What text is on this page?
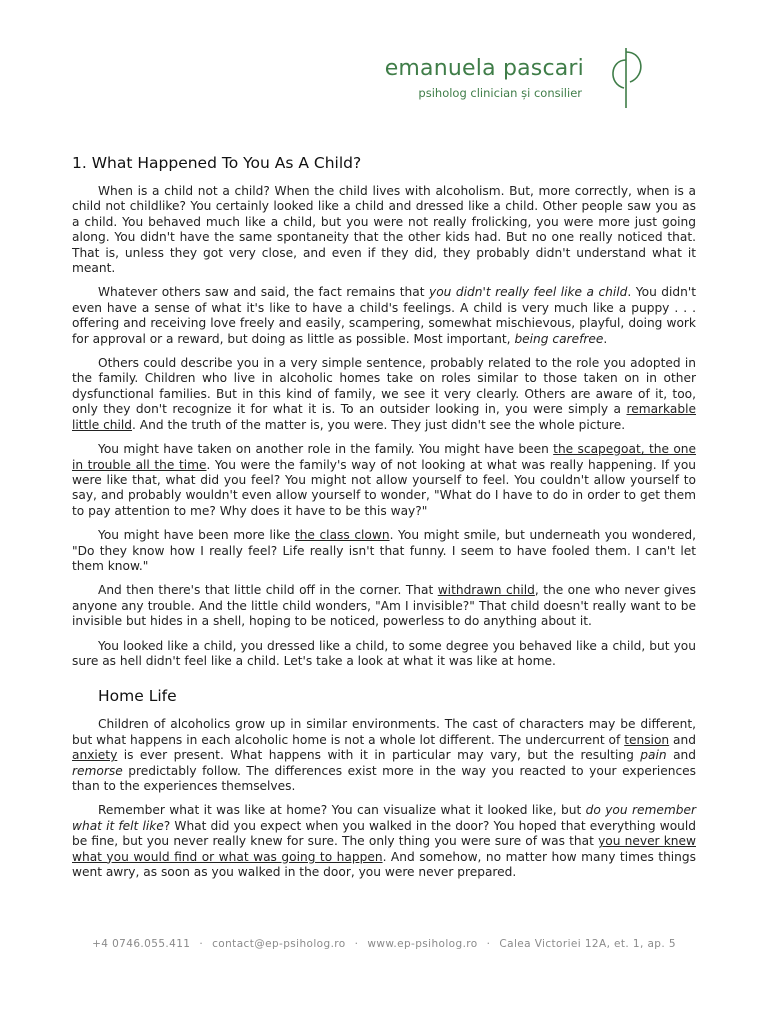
emanuela pascari
psiholog clinician și consilier
1. What Happened To You As A Child?

When is a child not a child? When the child lives with alcoholism. But, more correctly, when is a child not childlike? You certainly looked like a child and dressed like a child. Other people saw you as a child. You behaved much like a child, but you were not really frolicking, you were more just going along. You didn't have the same spontaneity that the other kids had. But no one really noticed that. That is, unless they got very close, and even if they did, they probably didn't understand what it meant.

Whatever others saw and said, the fact remains that you didn't really feel like a child. You didn't even have a sense of what it's like to have a child's feelings. A child is very much like a puppy . . . offering and receiving love freely and easily, scampering, somewhat mischievous, playful, doing work for approval or a reward, but doing as little as possible. Most important, being carefree.

Others could describe you in a very simple sentence, probably related to the role you adopted in the family. Children who live in alcoholic homes take on roles similar to those taken on in other dysfunctional families. But in this kind of family, we see it very clearly. Others are aware of it, too, only they don't recognize it for what it is. To an outsider looking in, you were simply a remarkable little child. And the truth of the matter is, you were. They just didn't see the whole picture.

You might have taken on another role in the family. You might have been the scapegoat, the one in trouble all the time. You were the family's way of not looking at what was really happening. If you were like that, what did you feel? You might not allow yourself to feel. You couldn't allow yourself to say, and probably wouldn't even allow yourself to wonder, "What do I have to do in order to get them to pay attention to me? Why does it have to be this way?"

You might have been more like the class clown. You might smile, but underneath you wondered, "Do they know how I really feel? Life really isn't that funny. I seem to have fooled them. I can't let them know."

And then there's that little child off in the corner. That withdrawn child, the one who never gives anyone any trouble. And the little child wonders, "Am I invisible?" That child doesn't really want to be invisible but hides in a shell, hoping to be noticed, powerless to do anything about it.

You looked like a child, you dressed like a child, to some degree you behaved like a child, but you sure as hell didn't feel like a child. Let's take a look at what it was like at home.

Home Life

Children of alcoholics grow up in similar environments. The cast of characters may be different, but what happens in each alcoholic home is not a whole lot different. The undercurrent of tension and anxiety is ever present. What happens with it in particular may vary, but the resulting pain and remorse predictably follow. The differences exist more in the way you reacted to your experiences than to the experiences themselves.

Remember what it was like at home? You can visualize what it looked like, but do you remember what it felt like? What did you expect when you walked in the door? You hoped that everything would be fine, but you never really knew for sure. The only thing you were sure of was that you never knew what you would find or what was going to happen. And somehow, no matter how many times things went awry, as soon as you walked in the door, you were never prepared.

+4 0746.055.411 · contact@ep-psiholog.ro · www.ep-psiholog.ro · Calea Victoriei 12A, et. 1, ap. 5
